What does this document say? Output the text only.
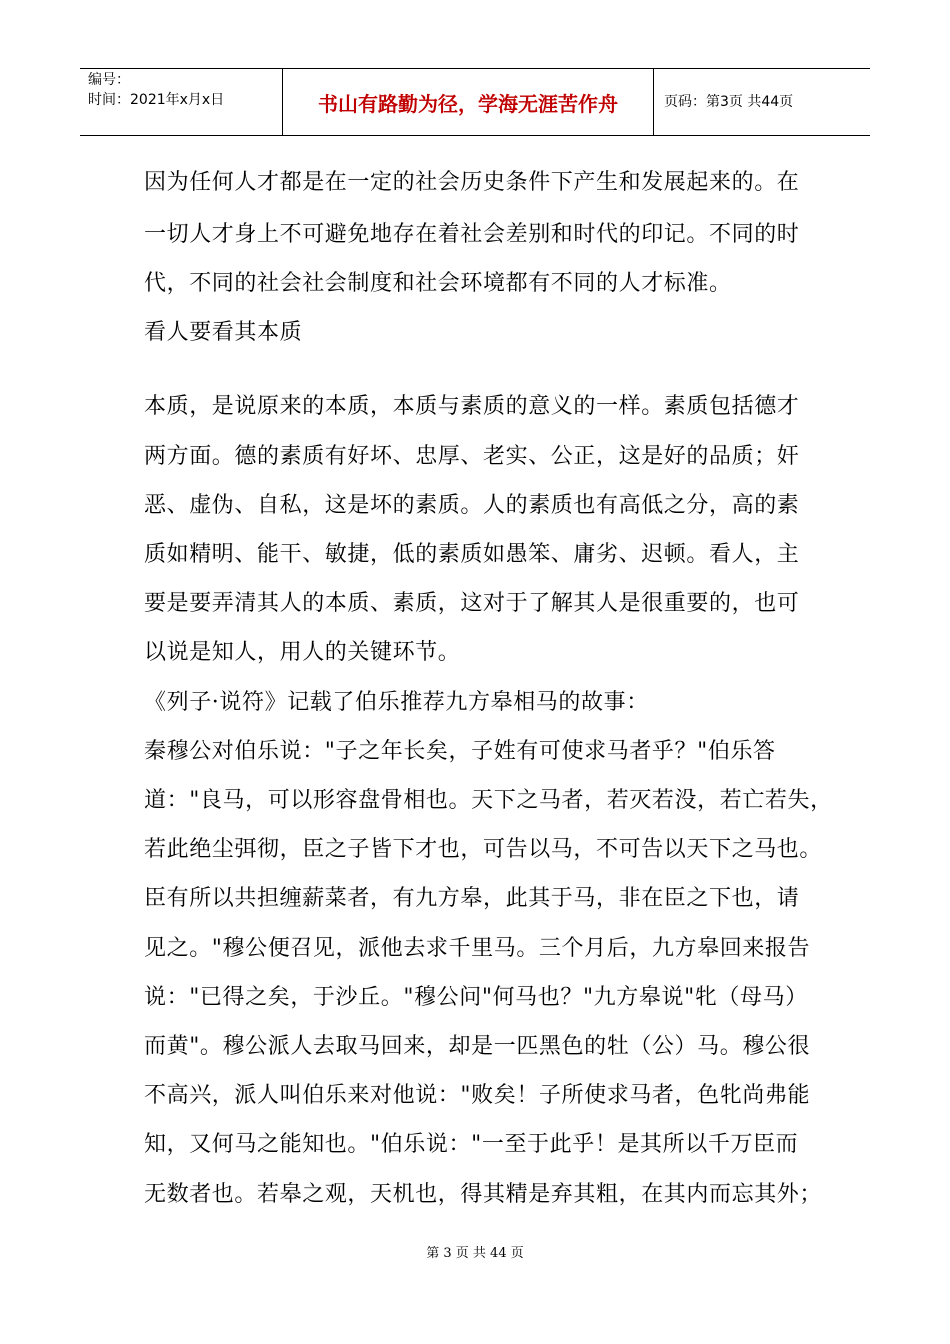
编号：
时间：2021年x月x日	书山有路勤为径，学海无涯苦作舟	页码：第3页 共44页
因为任何人才都是在一定的社会历史条件下产生和发展起来的。在
一切人才身上不可避免地存在着社会差别和时代的印记。不同的时
代，不同的社会社会制度和社会环境都有不同的人才标准。
看人要看其本质
本质，是说原来的本质，本质与素质的意义的一样。素质包括德才
两方面。德的素质有好坏、忠厚、老实、公正，这是好的品质；奸
恶、虚伪、自私，这是坏的素质。人的素质也有高低之分，高的素
质如精明、能干、敏捷，低的素质如愚笨、庸劣、迟顿。看人，主
要是要弄清其人的本质、素质，这对于了解其人是很重要的，也可
以说是知人，用人的关键环节。
《列子·说符》记载了伯乐推荐九方皋相马的故事：
秦穆公对伯乐说："子之年长矣，子姓有可使求马者乎？"伯乐答
道："良马，可以形容盘骨相也。天下之马者，若灭若没，若亡若失，
若此绝尘弭彻，臣之子皆下才也，可告以马，不可告以天下之马也。
臣有所以共担缠薪菜者，有九方皋，此其于马，非在臣之下也，请
见之。"穆公便召见，派他去求千里马。三个月后，九方皋回来报告
说："已得之矣，于沙丘。"穆公问"何马也？"九方皋说"牝（母马）
而黄"。穆公派人去取马回来，却是一匹黑色的牡（公）马。穆公很
不高兴，派人叫伯乐来对他说："败矣！子所使求马者，色牝尚弗能
知，又何马之能知也。"伯乐说："一至于此乎！是其所以千万臣而
无数者也。若皋之观，天机也，得其精是弃其粗，在其内而忘其外；
第 3 页 共 44 页
